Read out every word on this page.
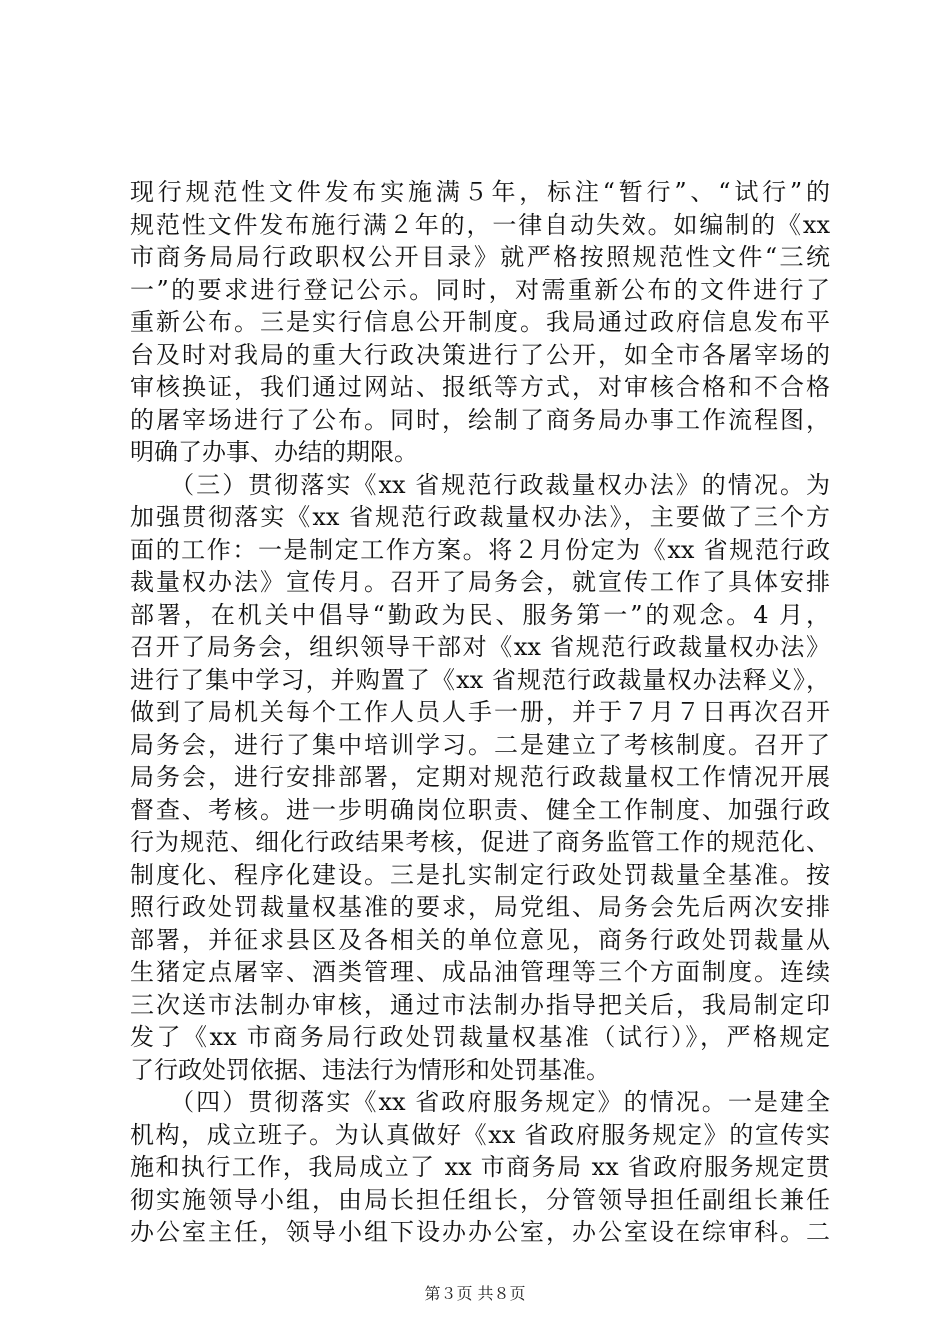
现行规范性文件发布实施满５年，标注“暂行”、“试行”的
规范性文件发布施行满２年的，一律自动失效。如编制的《xx
市商务局局行政职权公开目录》就严格按照规范性文件“三统
一”的要求进行登记公示。同时，对需重新公布的文件进行了
重新公布。三是实行信息公开制度。我局通过政府信息发布平
台及时对我局的重大行政决策进行了公开，如全市各屠宰场的
审核换证，我们通过网站、报纸等方式，对审核合格和不合格
的屠宰场进行了公布。同时，绘制了商务局办事工作流程图，
明确了办事、办结的期限。
　　（三）贯彻落实《xx 省规范行政裁量权办法》的情况。为
加强贯彻落实《xx 省规范行政裁量权办法》，主要做了三个方
面的工作：一是制定工作方案。将２月份定为《xx 省规范行政
裁量权办法》宣传月。召开了局务会，就宣传工作了具体安排
部署，在机关中倡导“勤政为民、服务第一”的观念。4 月，
召开了局务会，组织领导干部对《xx 省规范行政裁量权办法》
进行了集中学习，并购置了《xx 省规范行政裁量权办法释义》，
做到了局机关每个工作人员人手一册，并于７月７日再次召开
局务会，进行了集中培训学习。二是建立了考核制度。召开了
局务会，进行安排部署，定期对规范行政裁量权工作情况开展
督查、考核。进一步明确岗位职责、健全工作制度、加强行政
行为规范、细化行政结果考核，促进了商务监管工作的规范化、
制度化、程序化建设。三是扎实制定行政处罚裁量全基准。按
照行政处罚裁量权基准的要求，局党组、局务会先后两次安排
部署，并征求县区及各相关的单位意见，商务行政处罚裁量从
生猪定点屠宰、酒类管理、成品油管理等三个方面制度。连续
三次送市法制办审核，通过市法制办指导把关后，我局制定印
发了《xx 市商务局行政处罚裁量权基准（试行）》，严格规定
了行政处罚依据、违法行为情形和处罚基准。
　　（四）贯彻落实《xx 省政府服务规定》的情况。一是建全
机构，成立班子。为认真做好《xx 省政府服务规定》的宣传实
施和执行工作，我局成立了 xx 市商务局 xx 省政府服务规定贯
彻实施领导小组，由局长担任组长，分管领导担任副组长兼任
办公室主任，领导小组下设办办公室，办公室设在综审科。二
第３页 共８页
